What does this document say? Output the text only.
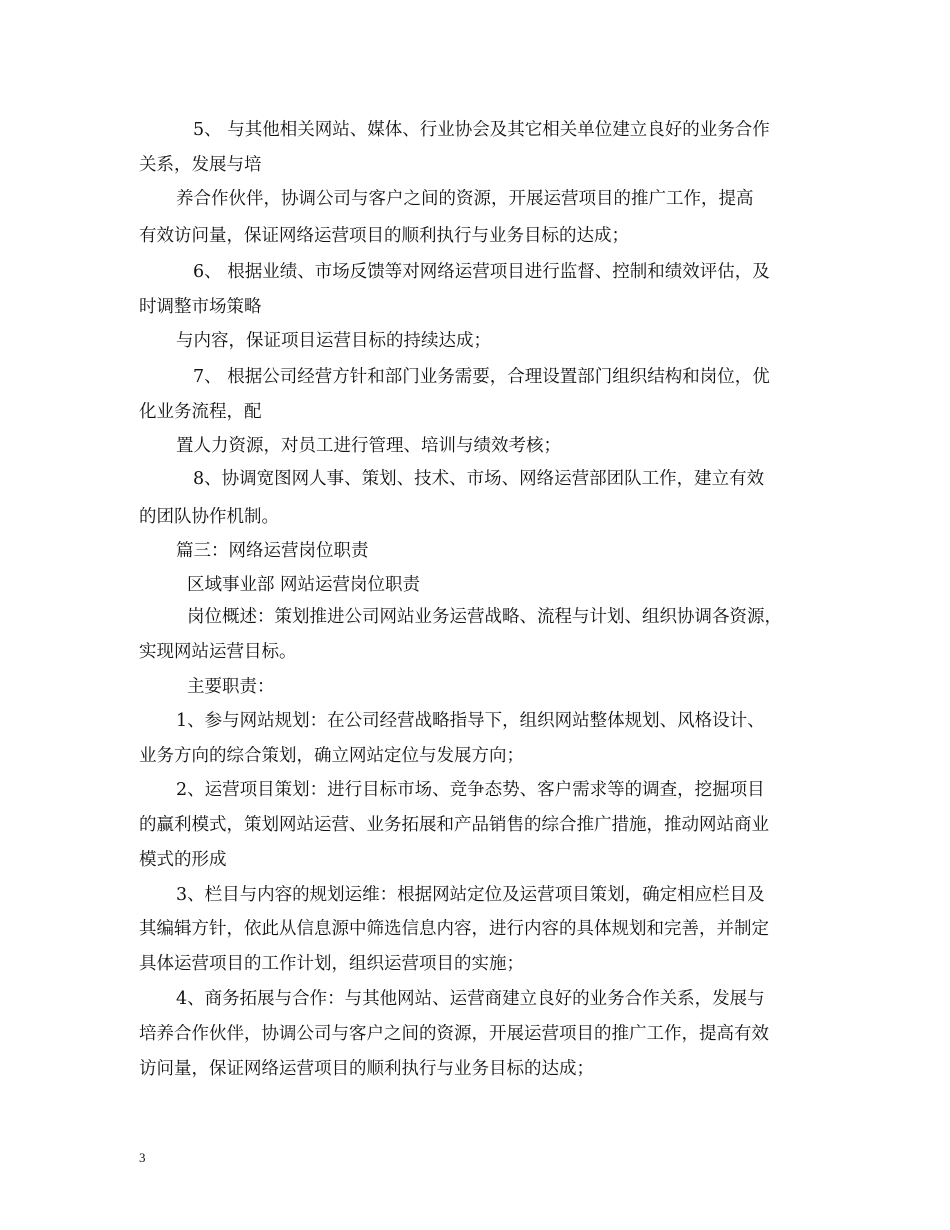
5、 与其他相关网站、媒体、行业协会及其它相关单位建立良好的业务合作
关系，发展与培
养合作伙伴，协调公司与客户之间的资源，开展运营项目的推广工作，提高
有效访问量，保证网络运营项目的顺利执行与业务目标的达成；
6、 根据业绩、市场反馈等对网络运营项目进行监督、控制和绩效评估，及
时调整市场策略
与内容，保证项目运营目标的持续达成；
7、 根据公司经营方针和部门业务需要，合理设置部门组织结构和岗位，优
化业务流程，配
置人力资源，对员工进行管理、培训与绩效考核；
8、协调宽图网人事、策划、技术、市场、网络运营部团队工作，建立有效
的团队协作机制。
篇三：网络运营岗位职责
区域事业部 网站运营岗位职责
岗位概述：策划推进公司网站业务运营战略、流程与计划、组织协调各资源，
实现网站运营目标。
主要职责：
1、参与网站规划：在公司经营战略指导下，组织网站整体规划、风格设计、
业务方向的综合策划，确立网站定位与发展方向；
2、运营项目策划：进行目标市场、竞争态势、客户需求等的调查，挖掘项目
的赢利模式，策划网站运营、业务拓展和产品销售的综合推广措施，推动网站商业
模式的形成
3、栏目与内容的规划运维：根据网站定位及运营项目策划，确定相应栏目及
其编辑方针，依此从信息源中筛选信息内容，进行内容的具体规划和完善，并制定
具体运营项目的工作计划，组织运营项目的实施；
4、商务拓展与合作：与其他网站、运营商建立良好的业务合作关系，发展与
培养合作伙伴，协调公司与客户之间的资源，开展运营项目的推广工作，提高有效
访问量，保证网络运营项目的顺利执行与业务目标的达成；
3
